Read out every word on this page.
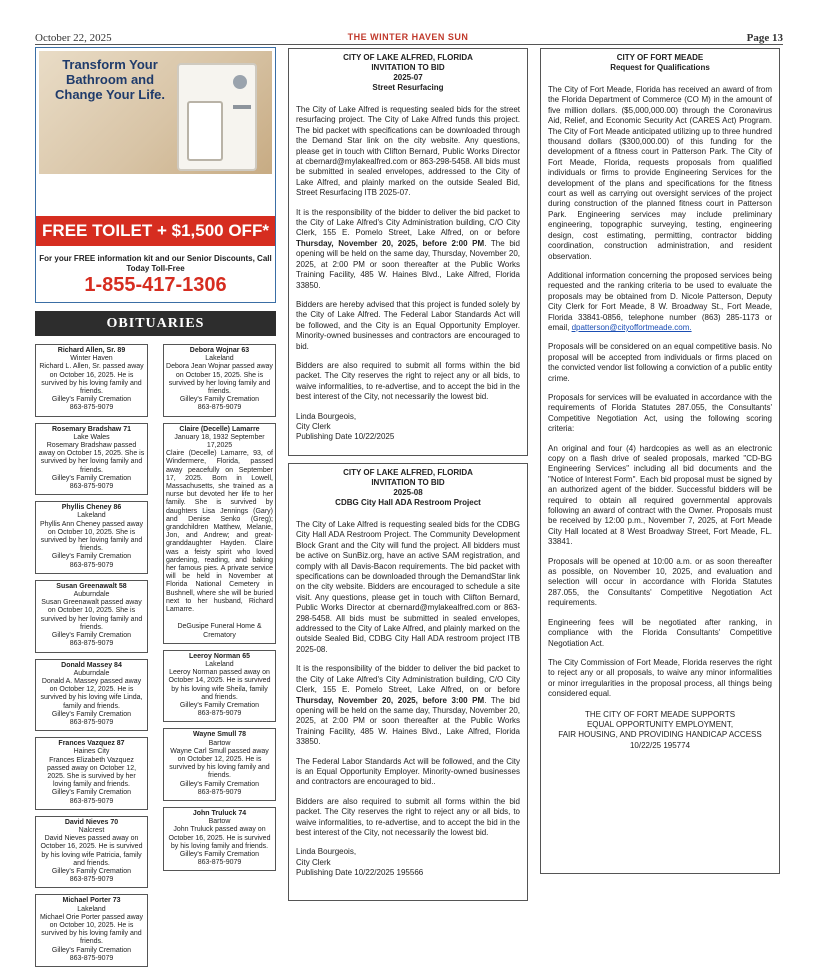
October 22, 2025	THE WINTER HAVEN SUN	Page 13
Transform Your Bathroom and Change Your Life.
FREE TOILET + $1,500 OFF*
For your FREE information kit and our Senior Discounts, Call Today Toll-Free
1-855-417-1306
OBITUARIES
Richard Allen, Sr. 89
Winter Haven
Richard L. Allen, Sr. passed away on October 16, 2025. He is survived by his loving family and friends.
Gilley's Family Cremation
863-875-9079
Rosemary Bradshaw 71
Lake Wales
Rosemary Bradshaw passed away on October 15, 2025. She is survived by her loving family and friends.
Gilley's Family Cremation
863-875-9079
Phyllis Cheney 86
Lakeland
Phyllis Ann Cheney passed away on October 10, 2025. She is survived by her loving family and friends.
Gilley's Family Cremation
863-875-9079
Susan Greenawalt 58
Auburndale
Susan Greenawalt passed away on October 10, 2025. She is survived by her loving family and friends.
Gilley's Family Cremation
863-875-9079
Donald Massey 84
Auburndale
Donald A. Massey passed away on October 12, 2025. He is survived by his loving wife Linda, family and friends.
Gilley's Family Cremation
863-875-9079
Frances Vazquez 87
Haines City
Frances Elizabeth Vazquez passed away on October 12, 2025. She is survived by her loving family and friends.
Gilley's Family Cremation
863-875-9079
David Nieves 70
Nalcrest
David Nieves passed away on October 16, 2025. He is survived by his loving wife Patricia, family and friends.
Gilley's Family Cremation
863-875-9079
Michael Porter 73
Lakeland
Michael Orie Porter passed away on October 10, 2025. He is survived by his loving family and friends.
Gilley's Family Cremation
863-875-9079
Debora Wojnar 63
Lakeland
Debora Jean Wojnar passed away on October 15, 2025. She is survived by her loving family and friends.
Gilley's Family Cremation
863-875-9079
Claire (Decelle) Lamarre
January 18, 1932 September 17,2025
Claire (Decelle) Lamarre, 93, of Windermere, Florida, passed away peacefully on September 17, 2025. Born in Lowell, Massachusetts, she trained as a nurse but devoted her life to her family. She is survived by daughters Lisa Jennings (Gary) and Denise Senko (Greg); grandchildren Matthew, Melanie, Jon, and Andrew; and great-granddaughter Hayden. Claire was a feisty spirit who loved gardening, reading, and baking her famous pies. A private service will be held in November at Florida National Cemetery in Bushnell, where she will be buried next to her husband, Richard Lamarre.
DeGusipe Funeral Home & Crematory
Leeroy Norman 65
Lakeland
Leeroy Norman passed away on October 14, 2025. He is survived by his loving wife Sheila, family and friends.
Gilley's Family Cremation
863-875-9079
Wayne Smull 78
Bartow
Wayne Carl Smull passed away on October 12, 2025. He is survived by his loving family and friends.
Gilley's Family Cremation
863-875-9079
John Truluck 74
Bartow
John Truluck passed away on October 16, 2025. He is survived by his loving family and friends.
Gilley's Family Cremation
863-875-9079
CITY OF LAKE ALFRED, FLORIDA
INVITATION TO BID
2025-07
Street Resurfacing

The City of Lake Alfred is requesting sealed bids for the street resurfacing project. The City of Lake Alfred funds this project. The bid packet with specifications can be downloaded through the Demand Star link on the city website. Any questions, please get in touch with Clifton Bernard, Public Works Director at cbernard@mylakealfred.com or 863-298-5458. All bids must be submitted in sealed envelopes, addressed to the City of Lake Alfred, and plainly marked on the outside Sealed Bid, Street Resurfacing ITB 2025-07.

It is the responsibility of the bidder to deliver the bid packet to the City of Lake Alfred's City Administration building, C/O City Clerk, 155 E. Pomelo Street, Lake Alfred, on or before Thursday, November 20, 2025, before 2:00 PM. The bid opening will be held on the same day, Thursday, November 20, 2025, at 2:00 PM or soon thereafter at the Public Works Training Facility, 485 W. Haines Blvd., Lake Alfred, Florida 33850.

Bidders are hereby advised that this project is funded solely by the City of Lake Alfred. The Federal Labor Standards Act will be followed, and the City is an Equal Opportunity Employer. Minority-owned businesses and contractors are encouraged to bid.

Bidders are also required to submit all forms within the bid packet. The City reserves the right to reject any or all bids, to waive informalities, to re-advertise, and to accept the bid in the best interest of the City, not necessarily the lowest bid.

Linda Bourgeois,
City Clerk
Publishing Date 10/22/2025
CITY OF LAKE ALFRED, FLORIDA
INVITATION TO BID
2025-08
CDBG City Hall ADA Restroom Project

The City of Lake Alfred is requesting sealed bids for the CDBG City Hall ADA Restroom Project. The Community Development Block Grant and the City will fund the project. All bidders must be active on SunBiz.org, have an active SAM registration, and comply with all Davis-Bacon requirements. The bid packet with specifications can be downloaded through the DemandStar link on the city website. Bidders are encouraged to schedule a site visit. Any questions, please get in touch with Clifton Bernard, Public Works Director at cbernard@mylakealfred.com or 863-298-5458. All bids must be submitted in sealed envelopes, addressed to the City of Lake Alfred, and plainly marked on the outside Sealed Bid, CDBG City Hall ADA restroom project ITB 2025-08.

It is the responsibility of the bidder to deliver the bid packet to the City of Lake Alfred's City Administration building, C/O City Clerk, 155 E. Pomelo Street, Lake Alfred, on or before Thursday, November 20, 2025, before 3:00 PM. The bid opening will be held on the same day, Thursday, November 20, 2025, at 2:00 PM or soon thereafter at the Public Works Training Facility, 485 W. Haines Blvd., Lake Alfred, Florida 33850.

The Federal Labor Standards Act will be followed, and the City is an Equal Opportunity Employer. Minority-owned businesses and contractors are encouraged to bid..

Bidders are also required to submit all forms within the bid packet. The City reserves the right to reject any or all bids, to waive informalities, to re-advertise, and to accept the bid in the best interest of the City, not necessarily the lowest bid.

Linda Bourgeois,
City Clerk
Publishing Date 10/22/2025 195566
CITY OF FORT MEADE
Request for Qualifications

The City of Fort Meade, Florida has received an award of from the Florida Department of Commerce (CO M) in the amount of five million dollars. ($5,000,000.00) through the Coronavirus Aid, Relief, and Economic Security Act (CARES Act) Program. The City of Fort Meade anticipated utilizing up to three hundred thousand dollars ($300,000.00) of this funding for the development of a fitness court in Patterson Park. The City of Fort Meade, Florida, requests proposals from qualified individuals or firms to provide Engineering Services for the development of the plans and specifications for the fitness court as well as carrying out oversight services of the project during construction of the planned fitness court in Patterson Park. Engineering services may include preliminary engineering, topographic surveying, testing, engineering design, cost estimating, permitting, contractor bidding coordination, construction administration, and resident observation.

Additional information concerning the proposed services being requested and the ranking criteria to be used to evaluate the proposals may be obtained from D. Nicole Patterson, Deputy City Clerk for Fort Meade, 8 W. Broadway St., Fort Meade, Florida 33841-0856, telephone number (863) 285-1173 or email, dpatterson@cityoffortmeade.com.

Proposals will be considered on an equal competitive basis. No proposal will be accepted from individuals or firms placed on the convicted vendor list following a conviction of a public entity crime.

Proposals for services will be evaluated in accordance with the requirements of Florida Statutes 287.055, the Consultants' Competitive Negotiation Act, using the following scoring criteria:

An original and four (4) hardcopies as well as an electronic copy on a flash drive of sealed proposals, marked "CD-BG Engineering Services" including all bid documents and the "Notice of Interest Form". Each bid proposal must be signed by an authorized agent of the bidder. Successful bidders will be required to obtain all required governmental approvals following an award of contract with the Owner. Proposals must be received by 12:00 p.m., November 7, 2025, at Fort Meade City Hall located at 8 West Broadway Street, Fort Meade, FL. 33841.

Proposals will be opened at 10:00 a.m. or as soon thereafter as possible, on November 10, 2025, and evaluation and selection will occur in accordance with Florida Statutes 287.055, the Consultants' Competitive Negotiation Act requirements.

Engineering fees will be negotiated after ranking, in compliance with the Florida Consultants' Competitive Negotiation Act.

The City Commission of Fort Meade, Florida reserves the right to reject any or all proposals, to waive any minor informalities or minor irregularities in the proposal process, all things being considered equal.

THE CITY OF FORT MEADE SUPPORTS
EQUAL OPPORTUNITY EMPLOYMENT,
FAIR HOUSING, AND PROVIDING HANDICAP ACCESS
10/22/25 195774
